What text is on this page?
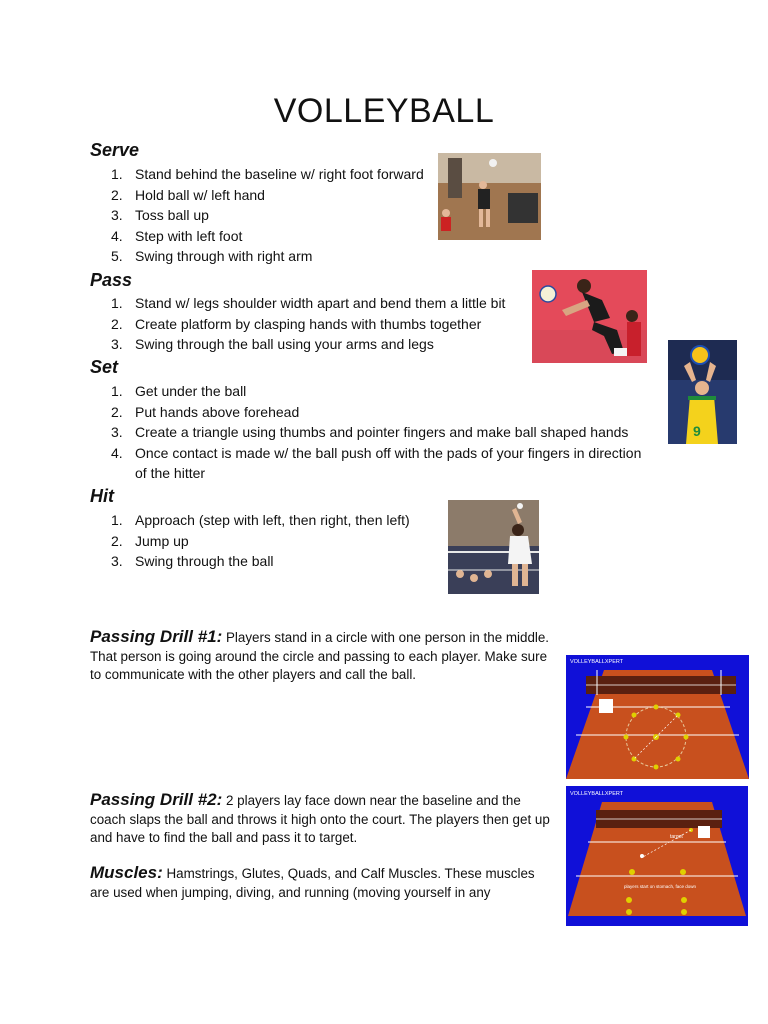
VOLLEYBALL
Serve
1. Stand behind the baseline w/ right foot forward
2. Hold ball w/ left hand
3. Toss ball up
4. Step with left foot
5. Swing through with right arm
Pass
1. Stand w/ legs shoulder width apart and bend them a little bit
2. Create platform by clasping hands with thumbs together
3. Swing through the ball using your arms and legs
Set
1. Get under the ball
2. Put hands above forehead
3. Create a triangle using thumbs and pointer fingers and make ball shaped hands
4. Once contact is made w/ the ball push off with the pads of your fingers in direction
of the hitter
Hit
1. Approach (step with left, then right, then left)
2. Jump up
3. Swing through the ball
Passing Drill #1: Players stand in a circle with one person in the middle. That person is going around the circle and passing to each player. Make sure to communicate with the other players and call the ball.
Passing Drill #2: 2 players lay face down near the baseline and the coach slaps the ball and throws it high onto the court. The players then get up and have to find the ball and pass it to target.
Muscles: Hamstrings, Glutes, Quads, and Calf Muscles. These muscles are used when jumping, diving, and running (moving yourself in any
9
VOLLEYBALLXPERT
VOLLEYBALLXPERT
target
players start on stomach, face down
